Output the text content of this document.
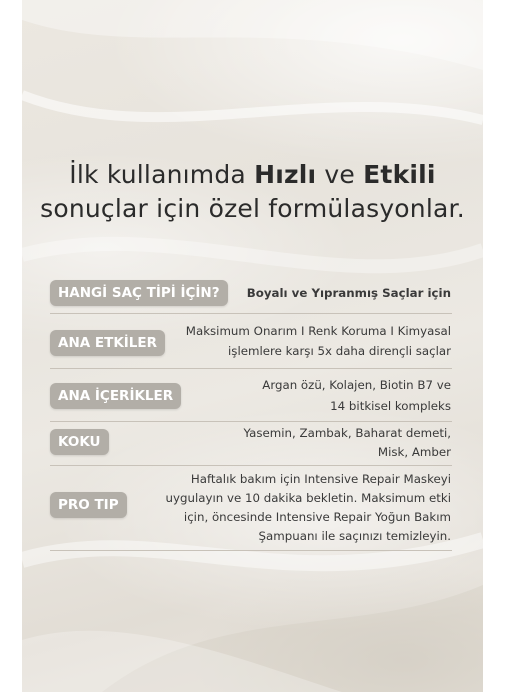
İlk kullanımda Hızlı ve Etkili
sonuçlar için özel formülasyonlar.
HANGİ SAÇ TİPİ İÇİN?	Boyalı ve Yıpranmış Saçlar için
ANA ETKİLER
Maksimum Onarım I Renk Koruma I Kimyasal
işlemlere karşı 5x daha dirençli saçlar
ANA İÇERİKLER
Argan özü, Kolajen, Biotin B7 ve
14 bitkisel kompleks
KOKU
Yasemin, Zambak, Baharat demeti,
Misk, Amber
PRO TIP
Haftalık bakım için Intensive Repair Maskeyi
uygulayın ve 10 dakika bekletin. Maksimum etki
için, öncesinde Intensive Repair Yoğun Bakım
Şampuanı ile saçınızı temizleyin.
